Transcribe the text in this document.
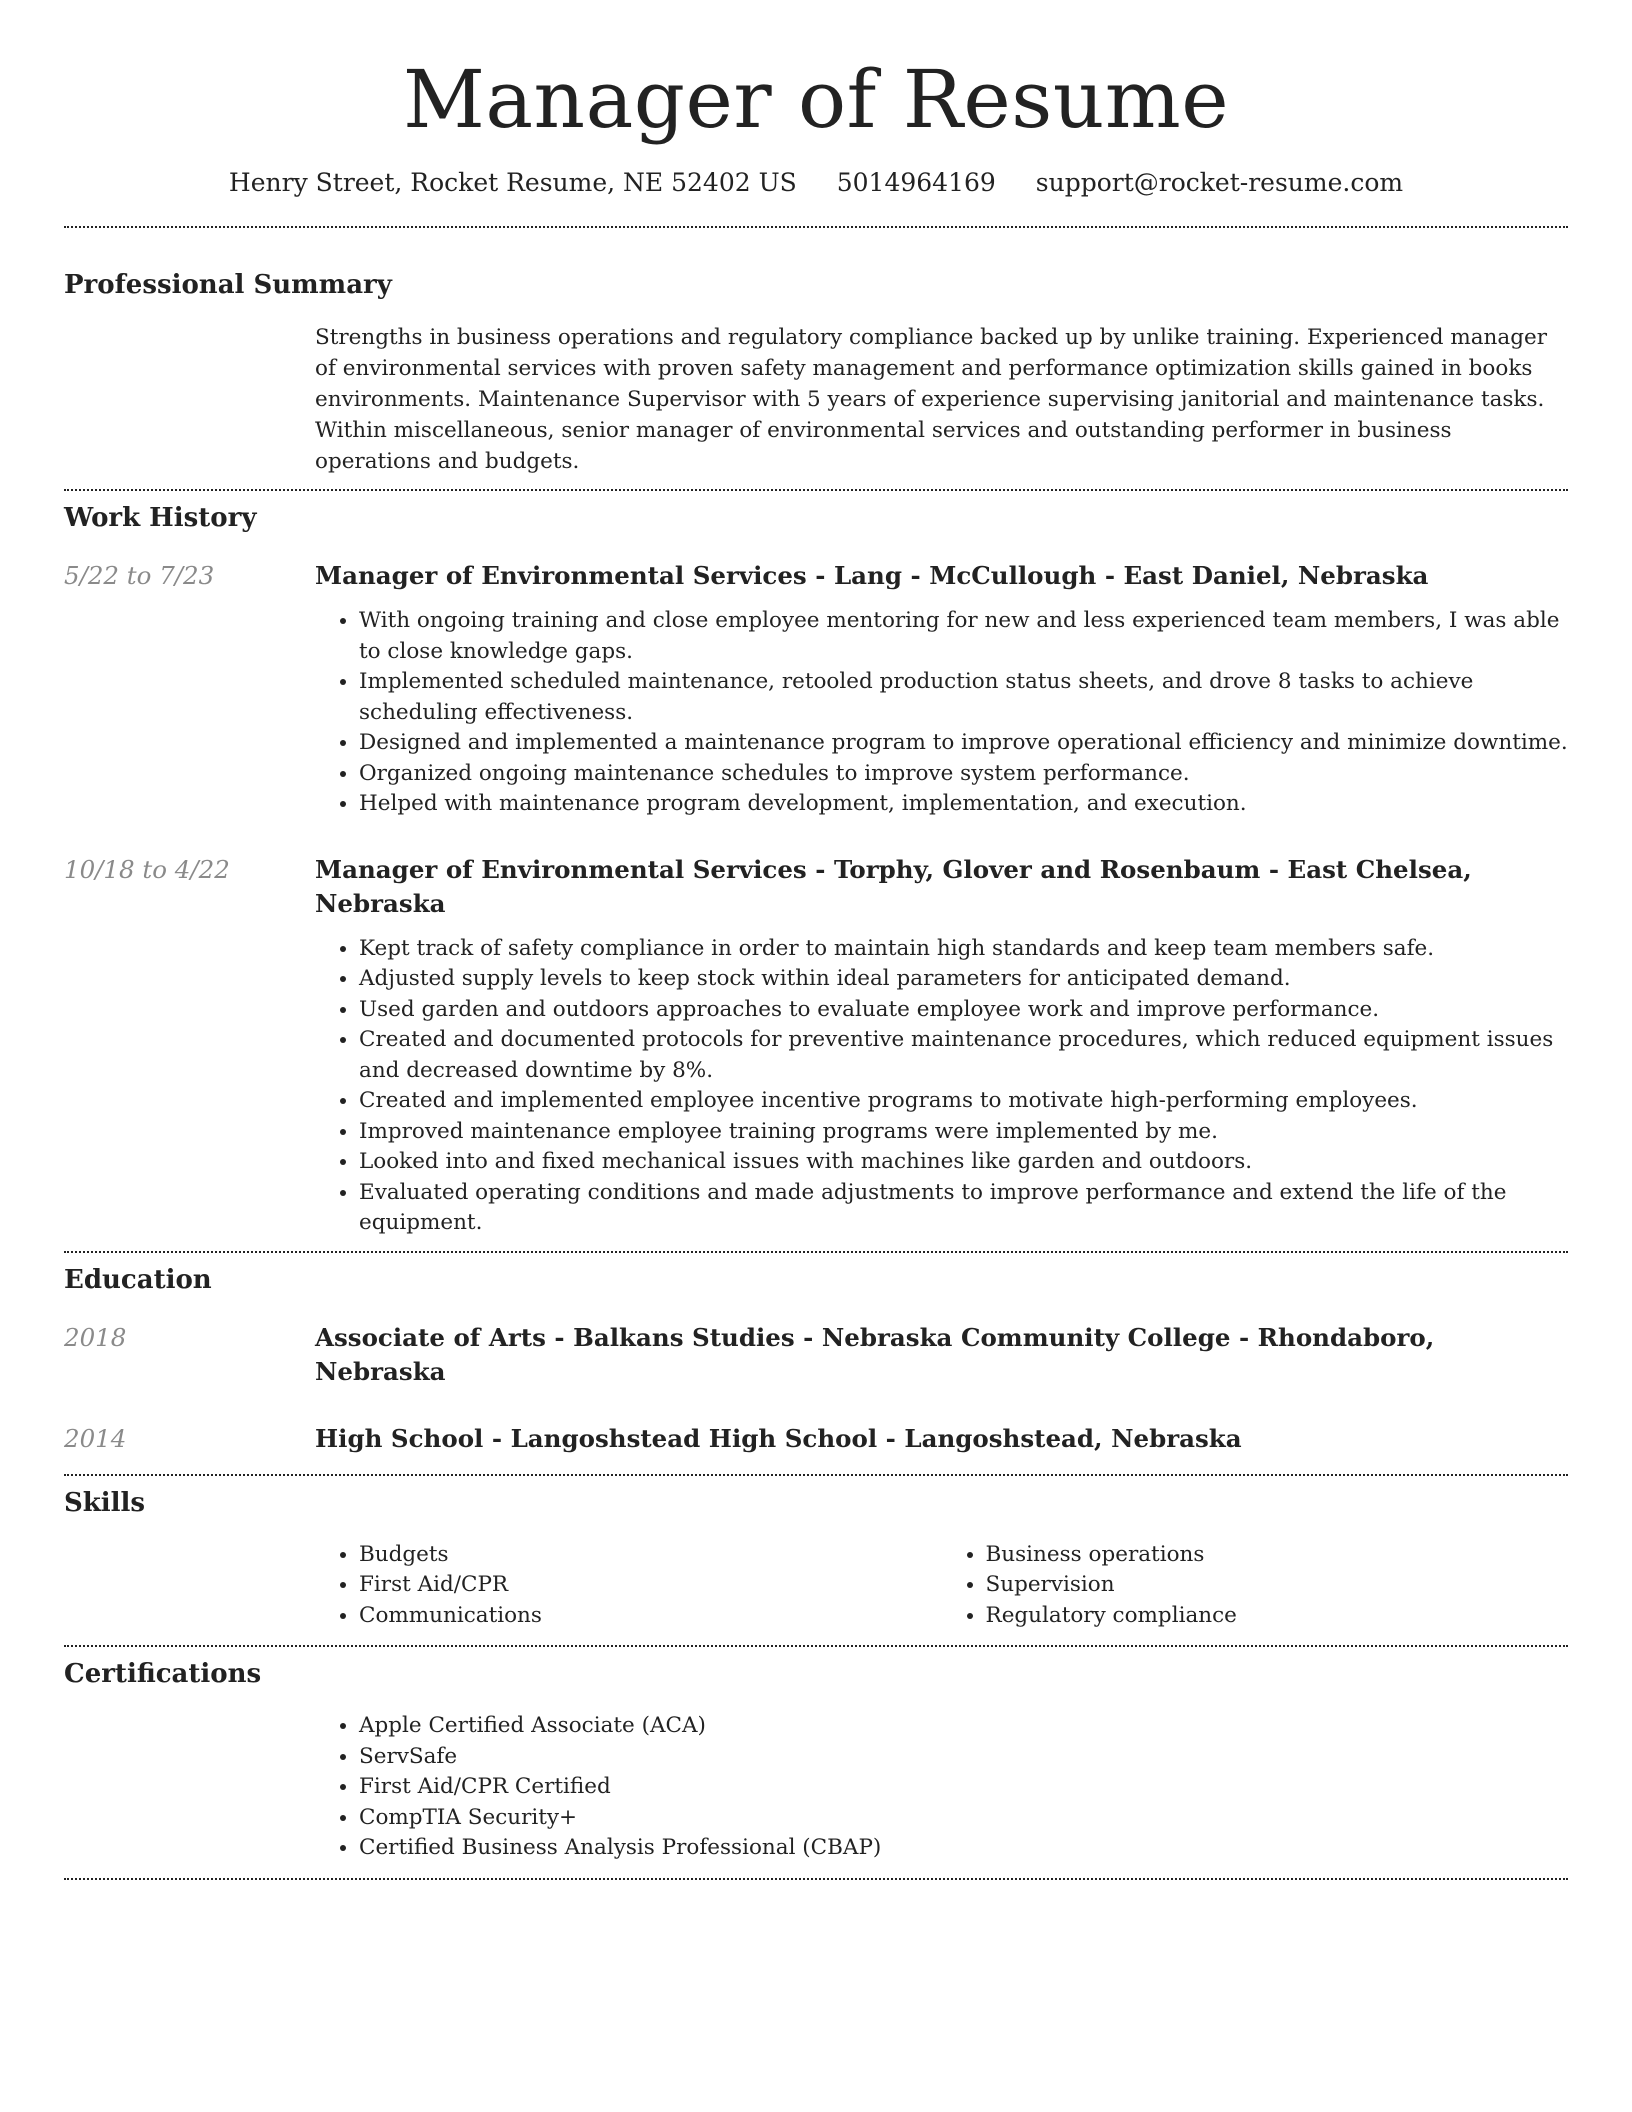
Manager of Resume
Henry Street, Rocket Resume, NE 52402 US 5014964169 support@rocket-resume.com
Professional Summary

Strengths in business operations and regulatory compliance backed up by unlike training. Experienced manager of environmental services with proven safety management and performance optimization skills gained in books environments. Maintenance Supervisor with 5 years of experience supervising janitorial and maintenance tasks. Within miscellaneous, senior manager of environmental services and outstanding performer in business operations and budgets.

Work History
5/22 to 7/23	Manager of Environmental Services - Lang - McCullough - East Daniel, Nebraska
• With ongoing training and close employee mentoring for new and less experienced team members, I was able to close knowledge gaps.
• Implemented scheduled maintenance, retooled production status sheets, and drove 8 tasks to achieve scheduling effectiveness.
• Designed and implemented a maintenance program to improve operational efficiency and minimize downtime.
• Organized ongoing maintenance schedules to improve system performance.
• Helped with maintenance program development, implementation, and execution.
10/18 to 4/22	Manager of Environmental Services - Torphy, Glover and Rosenbaum - East Chelsea, Nebraska
• Kept track of safety compliance in order to maintain high standards and keep team members safe.
• Adjusted supply levels to keep stock within ideal parameters for anticipated demand.
• Used garden and outdoors approaches to evaluate employee work and improve performance.
• Created and documented protocols for preventive maintenance procedures, which reduced equipment issues and decreased downtime by 8%.
• Created and implemented employee incentive programs to motivate high-performing employees.
• Improved maintenance employee training programs were implemented by me.
• Looked into and fixed mechanical issues with machines like garden and outdoors.
• Evaluated operating conditions and made adjustments to improve performance and extend the life of the equipment.
Education
2018	Associate of Arts - Balkans Studies - Nebraska Community College - Rhondaboro, Nebraska
2014	High School - Langoshstead High School - Langoshstead, Nebraska
Skills
• Budgets
• First Aid/CPR
• Communications
• Business operations
• Supervision
• Regulatory compliance
Certifications
• Apple Certified Associate (ACA)
• ServSafe
• First Aid/CPR Certified
• CompTIA Security+
• Certified Business Analysis Professional (CBAP)
